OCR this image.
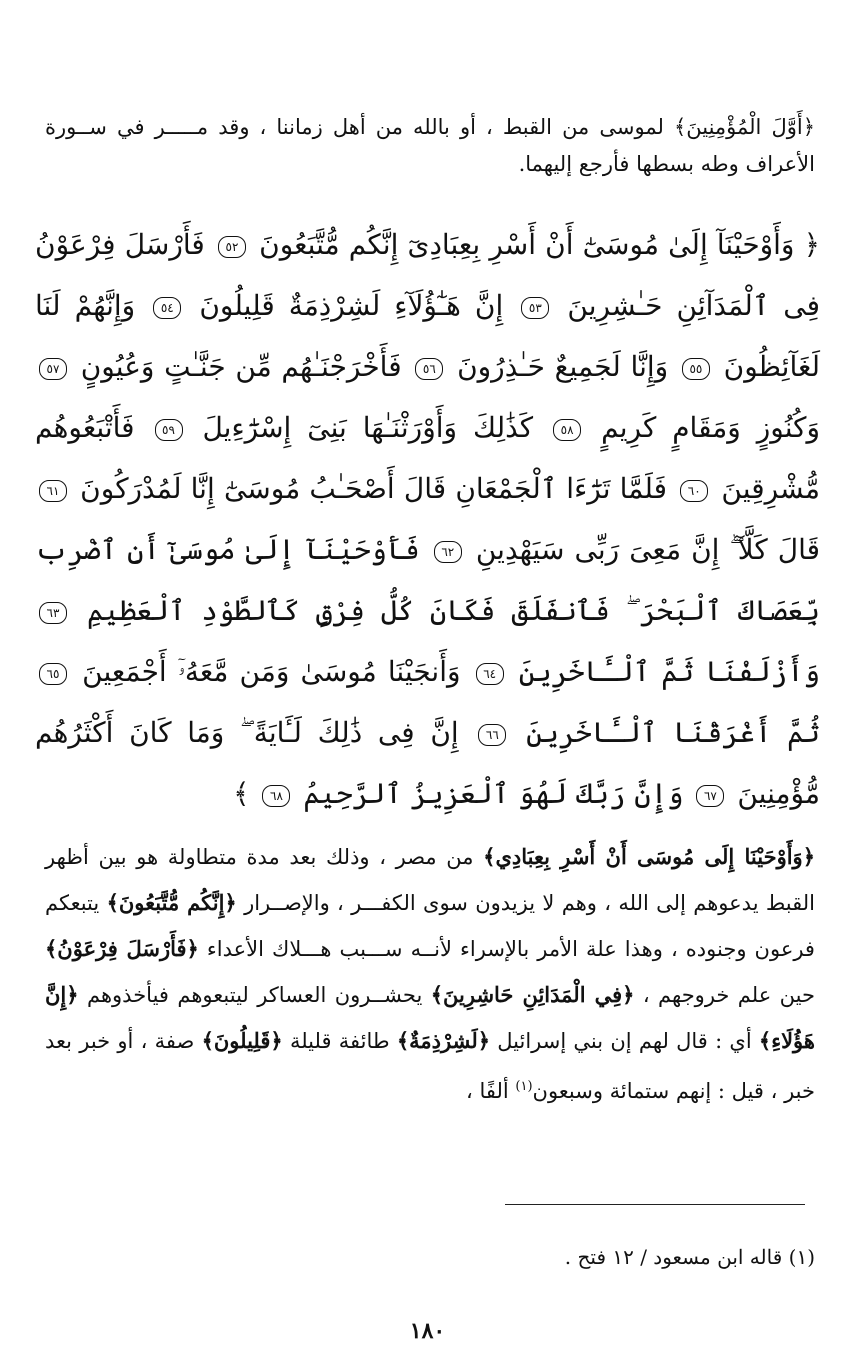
﴿أَوَّلَ الْمُؤْمِنِينَ﴾ لموسى من القبط ، أو بالله من أهل زماننا ، وقد مـــــر في ســورة الأعراف وطه بسطها فأرجع إليهما.

﴿ وَأَوْحَيْنَآ إِلَىٰ مُوسَىٰٓ أَنْ أَسْرِ بِعِبَادِىٓ إِنَّكُم مُّتَّبَعُونَ ٥٢ فَأَرْسَلَ فِرْعَوْنُ فِى ٱلْمَدَآئِنِ حَـٰشِرِينَ ٥٣ إِنَّ هَـٰٓؤُلَآءِ لَشِرْذِمَةٌ قَلِيلُونَ ٥٤ وَإِنَّهُمْ لَنَا لَغَآئِظُونَ ٥٥ وَإِنَّا لَجَمِيعٌ حَـٰذِرُونَ ٥٦ فَأَخْرَجْنَـٰهُم مِّن جَنَّـٰتٍ وَعُيُونٍ ٥٧ وَكُنُوزٍ وَمَقَامٍ كَرِيمٍ ٥٨ كَذَٰلِكَ وَأَوْرَثْنَـٰهَا بَنِىٓ إِسْرَٰٓءِيلَ ٥٩ فَأَتْبَعُوهُم مُّشْرِقِينَ ٦٠ فَلَمَّا تَرَٰٓءَا ٱلْجَمْعَانِ قَالَ أَصْحَـٰبُ مُوسَىٰٓ إِنَّا لَمُدْرَكُونَ ٦١ قَالَ كَلَّآ ۖ إِنَّ مَعِىَ رَبِّى سَيَهْدِينِ ٦٢ فَأَوْحَيْنَآ إِلَىٰ مُوسَىٰٓ أَنِ ٱضْرِب بِّعَصَاكَ ٱلْبَحْرَ ۖ فَٱنفَلَقَ فَكَانَ كُلُّ فِرْقٍ كَٱلطَّوْدِ ٱلْعَظِيمِ ٦٣ وَأَزْلَفْنَا ثَمَّ ٱلْـَٔاخَرِينَ ٦٤ وَأَنجَيْنَا مُوسَىٰ وَمَن مَّعَهُۥٓ أَجْمَعِينَ ٦٥ ثُمَّ أَغْرَقْنَا ٱلْـَٔاخَرِينَ ٦٦ إِنَّ فِى ذَٰلِكَ لَـَٔايَةً ۖ وَمَا كَانَ أَكْثَرُهُم مُّؤْمِنِينَ ٦٧ وَإِنَّ رَبَّكَ لَهُوَ ٱلْعَزِيزُ ٱلرَّحِيمُ ٦٨ ﴾
﴿وَأَوْحَيْنَا إِلَى مُوسَى أَنْ أَسْرِ بِعِبَادِي﴾ من مصر ، وذلك بعد مدة متطاولة هو بين أظهر القبط يدعوهم إلى الله ، وهم لا يزيدون سوى الكفـــر ، والإصــرار ﴿إِنَّكُم مُّتَّبَعُونَ﴾ يتبعكم فرعون وجنوده ، وهذا علة الأمر بالإسراء لأنــه ســـبب هـــلاك الأعداء ﴿فَأَرْسَلَ فِرْعَوْنُ﴾ حين علم خروجهم ، ﴿فِي الْمَدَائِنِ حَاشِرِينَ﴾ يحشــرون العساكر ليتبعوهم فيأخذوهم ﴿إِنَّ هَؤُلَاءِ﴾ أي : قال لهم إن بني إسرائيل ﴿لَشِرْذِمَةٌ﴾ طائفة قليلة ﴿قَلِيلُونَ﴾ صفة ، أو خبر بعد خبر ، قيل : إنهم ستمائة وسبعون$^{(١)}$ ألفًا ،

(١) قاله ابن مسعود / ١٢ فتح .

١٨٠
